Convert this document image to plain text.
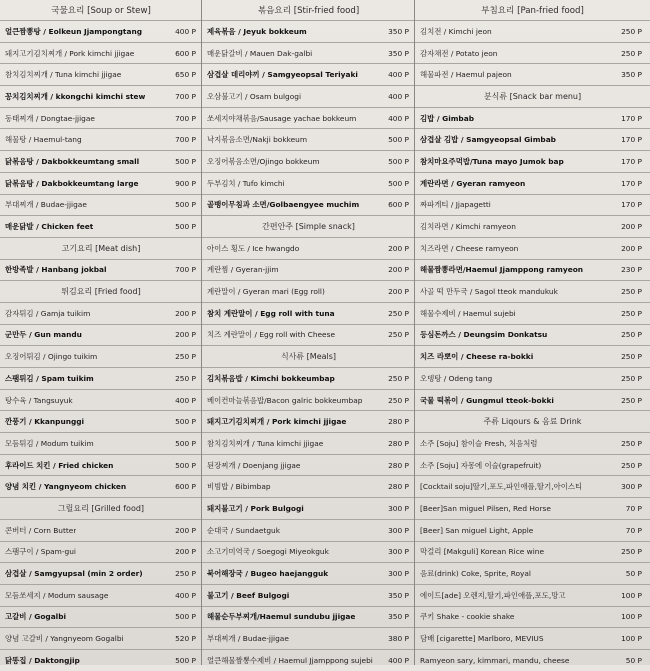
국물요리 [Soup or Stew]
얼큰짬뽕탕 / Eolkeun Jjampongtang	400 P
돼지고기김치찌개 / Pork kimchi jjigae	600 P
참치김치찌개 / Tuna kimchi jjigae	650 P
꽁치김치찌개 / kkongchi kimchi stew	700 P
동태찌개 / Dongtae-jjigae	700 P
해물탕 / Haemul-tang	700 P
닭볶음탕 / Dakbokkeumtang small	500 P
닭볶음탕 / Dakbokkeumtang large	900 P
부대찌개 / Budae-jjigae	500 P
매운닭발 / Chicken feet	500 P
고기요리 [Meat dish]
한방족발 / Hanbang jokbal	700 P
튀김요리 [Fried food]
감자튀김 / Gamja tuikim	200 P
군만두 / Gun mandu	200 P
오징어튀김 / Ojingo tuikim	250 P
스팸튀김 / Spam tuikim	250 P
탕수육 / Tangsuyuk	400 P
깐풍기 / Kkanpunggi	500 P
모듬튀김 / Modum tuikim	500 P
후라이드 치킨 / Fried chicken	500 P
양념 치킨 / Yangnyeom chicken	600 P
그릴요리 [Grilled food]
콘버터 / Corn Butter	200 P
스팸구이 / Spam-gui	200 P
삼겹살 / Samgyupsal (min 2 order)	250 P
모듬쏘세지 / Modum sausage	400 P
고갈비 / Gogalbi	500 P
양념 고갈비 / Yangnyeom Gogalbi	520 P
닭똥집 / Daktongjip	500 P
볶음요리 [Stir-fried food]
제육볶음 / Jeyuk bokkeum	350 P
매운닭갈비 / Mauen Dak-galbi	350 P
삼겹살 데리야끼 / Samgyeopsal Teriyaki	400 P
오삼불고기 / Osam bulgogi	400 P
쏘세지야채볶음/Sausage yachae bokkeum	400 P
낙지볶음소면/Nakji bokkeum	500 P
오징어볶음소면/Ojingo bokkeum	500 P
두부김치 / Tufo kimchi	500 P
골뱅이무침과 소면/Golbaengyee muchim	600 P
간편안주 [Simple snack]
아이스 횡도 / Ice hwangdo	200 P
계란찜 / Gyeran-jjim	200 P
계란말이 / Gyeran mari (Egg roll)	200 P
참치 계란말이 / Egg roll with tuna	250 P
치즈 계란말이 / Egg roll with Cheese	250 P
식사류 [Meals]
김치볶음밥 / Kimchi bokkeumbap	250 P
베이컨마늘볶음밥/Bacon galric bokkeumbap	250 P
돼지고기김치찌개 / Pork kimchi jjigae	280 P
참치김치찌개 / Tuna kimchi jjigae	280 P
된장찌개 / Doenjang jjigae	280 P
비빔밥 / Bibimbap	280 P
돼지불고기 / Pork Bulgogi	300 P
순대국 / Sundaetguk	300 P
소고기미역국 / Soegogi Miyeokguk	300 P
북어해장국 / Bugeo haejangguk	300 P
불고기 / Beef Bulgogi	350 P
해물순두부찌개/Haemul sundubu jjigae	350 P
부대찌개 / Budae-jjigae	380 P
얼큰해물짬뽕수제비 / Haemul Jjamppong sujebi 400 P
부침요리 [Pan-fried food]
김치전 / Kimchi jeon	250 P
감자채전 / Potato jeon	250 P
해물파전 / Haemul pajeon	350 P
분식류 [Snack bar menu]
김밥 / Gimbab	170 P
삼겹살 김밥 / Samgyeopsal Gimbab	170 P
참치마요주먹밥/Tuna mayo Jumok bap	170 P
계란라면 / Gyeran ramyeon	170 P
짜파게티 / Jjapagetti	170 P
김치라면 / Kimchi ramyeon	200 P
치즈라면 / Cheese ramyeon	200 P
해물짬뽕라면/Haemul Jjamppong ramyeon	230 P
사골 떡 만두국 / Sagol tteok mandukuk	250 P
해물수제비 / Haemul sujebi	250 P
등심돈까스 / Deungsim Donkatsu	250 P
치즈 라뽀이 / Cheese ra-bokki	250 P
오뎅탕 / Odeng tang	250 P
국물 떡볶이 / Gungmul tteok-bokki	250 P
주류 Liqours & 음료 Drink
소주 [Soju] 참이슬 Fresh, 처음처럼	250 P
소주 [Soju] 자몽에 이슬(grapefruit)	250 P
[Cocktail soju]딸기,포도,파인애플,딸기,아이스티	300 P
[Beer]San miguel Pilsen, Red Horse	70 P
[Beer] San miguel Light, Apple	70 P
막걸리 [Makguli] Korean Rice wine	250 P
음료(drink) Coke, Sprite, Royal	50 P
에이드[ade] 오렌지,딸기,파인애플,포도,망고	100 P
쿠키 Shake - cookie shake	100 P
담배 [cigarette] Marlboro, MEVIUS	100 P
Ramyeon sary, kimmari, mandu, cheese	50 P
